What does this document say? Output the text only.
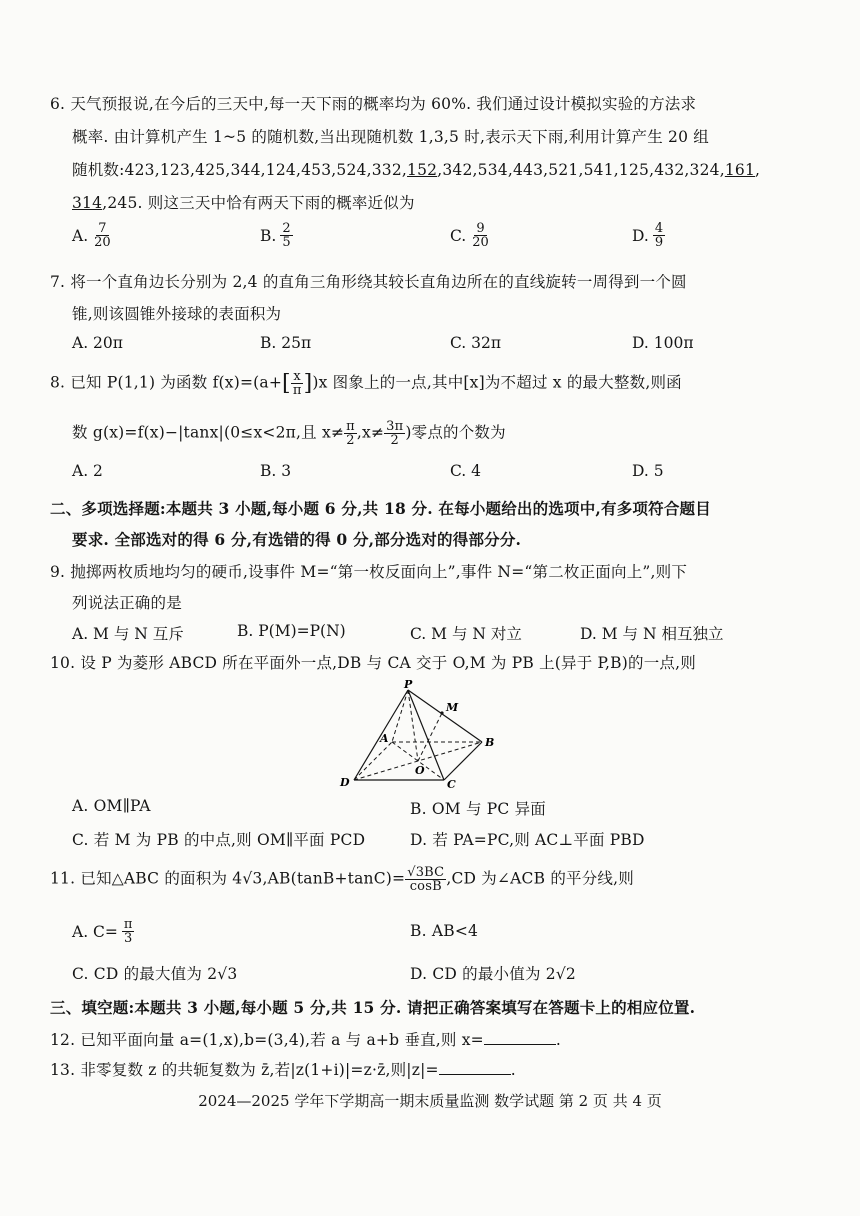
6. 天气预报说,在今后的三天中,每一天下雨的概率均为 60%. 我们通过设计模拟实验的方法求
概率. 由计算机产生 1~5 的随机数,当出现随机数 1,3,5 时,表示天下雨,利用计算产生 20 组
随机数:423,123,425,344,124,453,524,332,152,342,534,443,521,541,125,432,324,161,
314,245. 则这三天中恰有两天下雨的概率近似为
A. $\frac{7}{20}$	B. $\frac{2}{5}$	C. $\frac{9}{20}$	D. $\frac{4}{9}$
7. 将一个直角边长分别为 2,4 的直角三角形绕其较长直角边所在的直线旋转一周得到一个圆
锥,则该圆锥外接球的表面积为
A. 20π	B. 25π	C. 32π	D. 100π
8. 已知 P(1,1) 为函数 $f(x)=(a+[ \frac{x}{\pi} ])x$ 图象上的一点,其中[x]为不超过 x 的最大整数,则函
数 g(x)=f(x)−|tanx|(0≤x<2π,且 $x\ne \frac{\pi}{2} ,x\ne \frac{3\pi}{2}$ )零点的个数为
A. 2	B. 3	C. 4	D. 5
二、多项选择题:本题共 3 小题,每小题 6 分,共 18 分. 在每小题给出的选项中,有多项符合题目
要求. 全部选对的得 6 分,有选错的得 0 分,部分选对的得部分分.
9. 抛掷两枚质地均匀的硬币,设事件 M=“第一枚反面向上”,事件 N=“第二枚正面向上”,则下
列说法正确的是
A. M 与 N 互斥	B. P(M)=P(N)	C. M 与 N 对立	D. M 与 N 相互独立
10. 设 P 为菱形 ABCD 所在平面外一点,DB 与 CA 交于 O,M 为 PB 上(异于 P,B)的一点,则
P
M
A	B
O
D	C
A. OM∥PA	B. OM 与 PC 异面
C. 若 M 为 PB 的中点,则 OM∥平面 PCD	D. 若 PA=PC,则 AC⊥平面 PBD
11. 已知△ABC 的面积为 $4√3,AB(\tan B+\tan C)= \frac{√3BC}{\cos B} ,CD$ 为∠ACB 的平分线,则
A. $C= \frac{\pi}{3}$	B. AB<4
C. CD 的最大值为 2√3	D. CD 的最小值为 2√2
三、填空题:本题共 3 小题,每小题 5 分,共 15 分. 请把正确答案填写在答题卡上的相应位置.
12. 已知平面向量 a=(1,x),b=(3,4),若 a 与 a+b 垂直,则 x=	.
13. 非零复数 z 的共轭复数为 z̄,若|z(1+i)|=z·z̄,则|z|=	.
2024—2025 学年下学期高一期末质量监测 数学试题 第 2 页 共 4 页
